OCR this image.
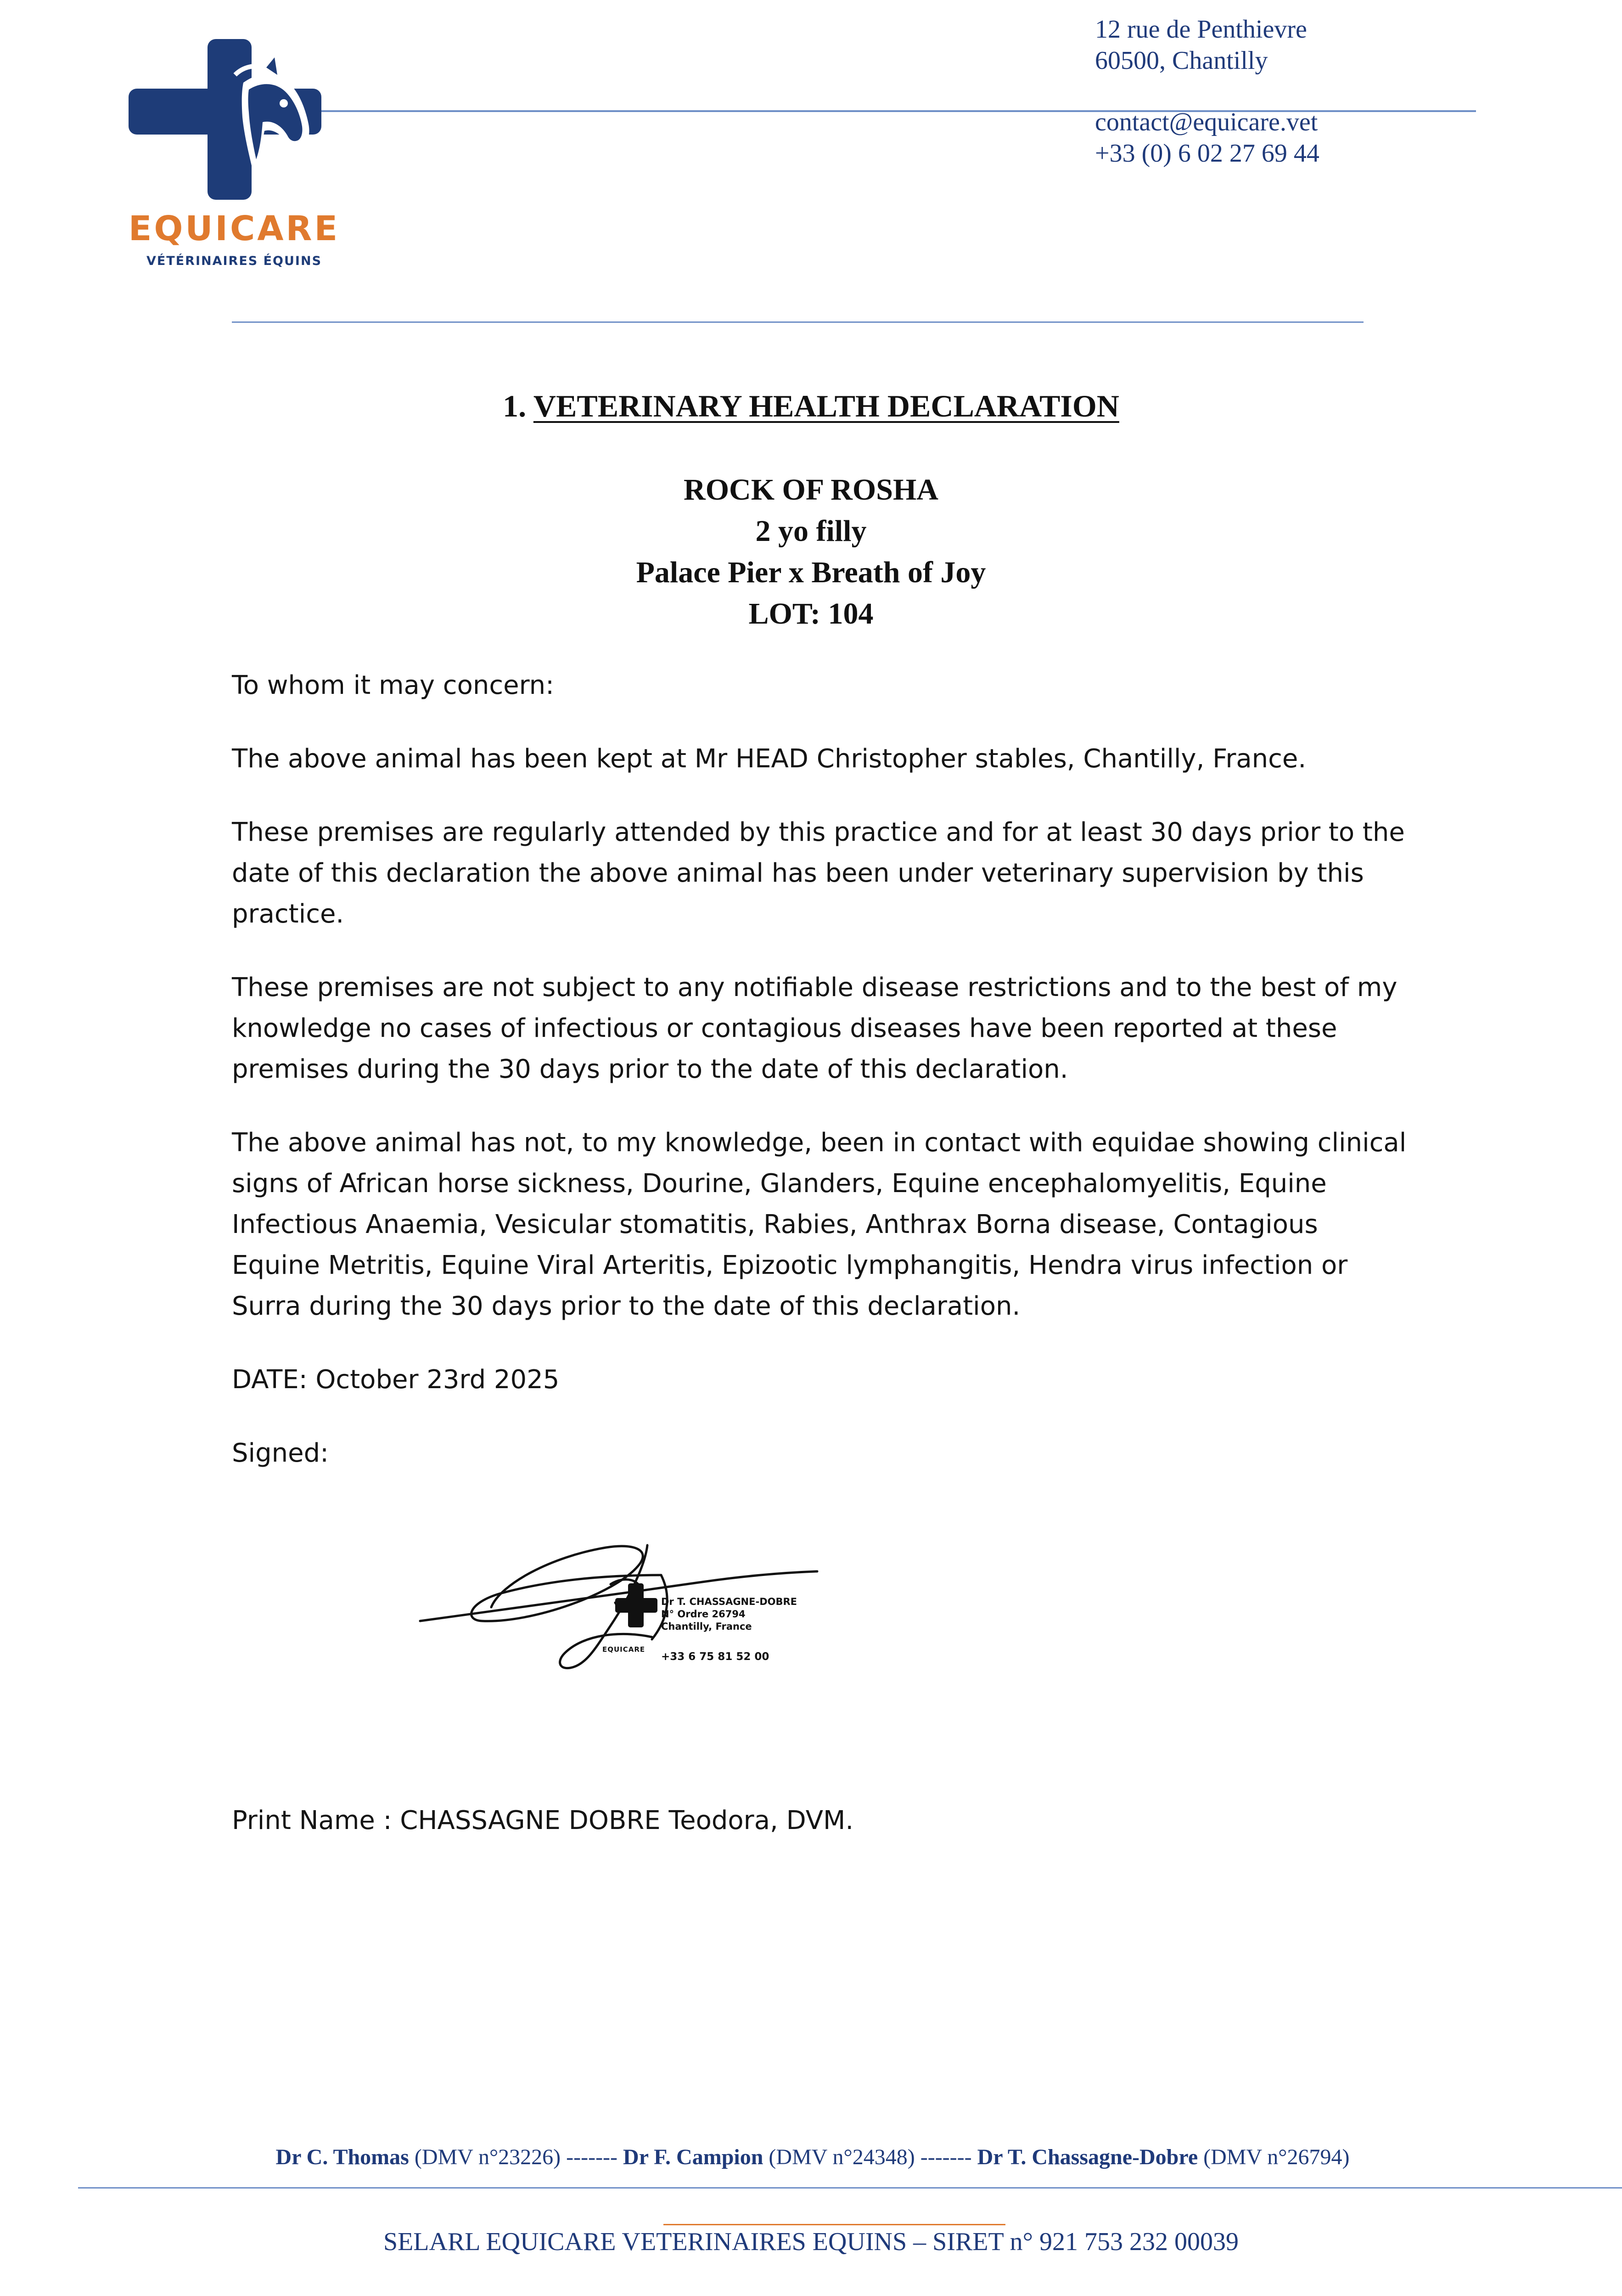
EQUICARE
VÉTÉRINAIRES ÉQUINS
12 rue de Penthievre
60500, Chantilly
contact@equicare.vet
+33 (0) 6 02 27 69 44
1. VETERINARY HEALTH DECLARATION
ROCK OF ROSHA
2 yo filly
Palace Pier x Breath of Joy
LOT: 104

To whom it may concern:

The above animal has been kept at Mr HEAD Christopher stables, Chantilly, France.

These premises are regularly attended by this practice and for at least 30 days prior to the date of this declaration the above animal has been under veterinary supervision by this practice.

These premises are not subject to any notifiable disease restrictions and to the best of my knowledge no cases of infectious or contagious diseases have been reported at these premises during the 30 days prior to the date of this declaration.

The above animal has not, to my knowledge, been in contact with equidae showing clinical signs of African horse sickness, Dourine, Glanders, Equine encephalomyelitis, Equine Infectious Anaemia, Vesicular stomatitis, Rabies, Anthrax Borna disease, Contagious Equine Metritis, Equine Viral Arteritis, Epizootic lymphangitis, Hendra virus infection or Surra during the 30 days prior to the date of this declaration.

DATE: October 23rd 2025

Signed:

Dr T. CHASSAGNE-DOBRE
N° Ordre 26794
Chantilly, France
EQUICARE
+33 6 75 81 52 00
Print Name : CHASSAGNE DOBRE Teodora, DVM.
Dr C. Thomas (DMV n°23226) ------- Dr F. Campion (DMV n°24348) ------- Dr T. Chassagne-Dobre (DMV n°26794)
SELARL EQUICARE VETERINAIRES EQUINS – SIRET n° 921 753 232 00039
